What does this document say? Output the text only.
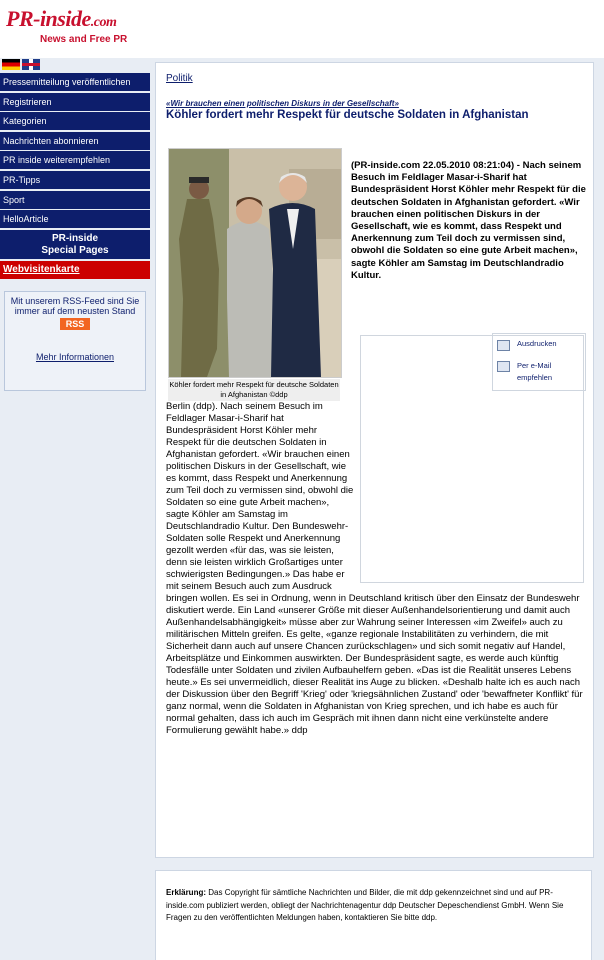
PR-inside.com
News and Free PR
Pressemitteilung veröffentlichen
Registrieren
Kategorien
Nachrichten abonnieren
PR inside weiterempfehlen
PR-Tipps
Sport
HelloArticle
PR-inside
Special Pages
Webvisitenkarte
Mit unserem RSS-Feed sind Sie immer auf dem neusten Stand
RSS
Mehr Informationen
Politik
«Wir brauchen einen politischen Diskurs in der Gesellschaft»
Köhler fordert mehr Respekt für deutsche Soldaten in Afghanistan
Köhler fordert mehr Respekt für deutsche Soldaten in Afghanistan ©ddp
(PR-inside.com 22.05.2010 08:21:04) - Nach seinem Besuch im Feldlager Masar-i-Sharif hat Bundespräsident Horst Köhler mehr Respekt für die deutschen Soldaten in Afghanistan gefordert. «Wir brauchen einen politischen Diskurs in der Gesellschaft, wie es kommt, dass Respekt und Anerkennung zum Teil doch zu vermissen sind, obwohl die Soldaten so eine gute Arbeit machen», sagte Köhler am Samstag im Deutschlandradio Kultur.
Berlin (ddp). Nach seinem Besuch im Feldlager Masar-i-Sharif hat Bundespräsident Horst Köhler mehr Respekt für die deutschen Soldaten in Afghanistan gefordert. «Wir brauchen einen politischen Diskurs in der Gesellschaft, wie es kommt, dass Respekt und Anerkennung zum Teil doch zu vermissen sind, obwohl die Soldaten so eine gute Arbeit machen», sagte Köhler am Samstag im Deutschlandradio Kultur. Den Bundeswehr-Soldaten solle Respekt und Anerkennung gezollt werden «für das, was sie leisten, denn sie leisten wirklich Großartiges unter schwierigsten Bedingungen.» Das habe er mit seinem Besuch auch zum Ausdruck bringen wollen. Es sei in Ordnung, wenn in Deutschland kritisch über den Einsatz der Bundeswehr diskutiert werde. Ein Land «unserer Größe mit dieser Außenhandelsorientierung und damit auch Außenhandelsabhängigkeit» müsse aber zur Wahrung seiner Interessen «im Zweifel» auch zu militärischen Mitteln greifen. Es gelte, «ganze regionale Instabilitäten zu verhindern, die mit Sicherheit dann auch auf unsere Chancen zurückschlagen» und sich somit negativ auf Handel, Arbeitsplätze und Einkommen auswirkten. Der Bundespräsident sagte, es werde auch künftig Todesfälle unter Soldaten und zivilen Aufbauhelfern geben. «Das ist die Realität unseres Lebens heute.» Es sei unvermeidlich, dieser Realität ins Auge zu blicken. «Deshalb halte ich es auch nach der Diskussion über den Begriff 'Krieg' oder 'kriegsähnlichen Zustand' oder 'bewaffneter Konflikt' für ganz normal, wenn die Soldaten in Afghanistan von Krieg sprechen, und ich habe es auch für normal gehalten, dass ich auch im Gespräch mit ihnen dann nicht eine verkünstelte andere Formulierung gewählt habe.» ddp
Ausdrucken
Per e-Mail empfehlen
Erklärung: Das Copyright für sämtliche Nachrichten und Bilder, die mit ddp gekennzeichnet sind und auf PR-inside.com publiziert werden, obliegt der Nachrichtenagentur ddp Deutscher Depeschendienst GmbH. Wenn Sie Fragen zu den veröffentlichten Meldungen haben, kontaktieren Sie bitte ddp.
